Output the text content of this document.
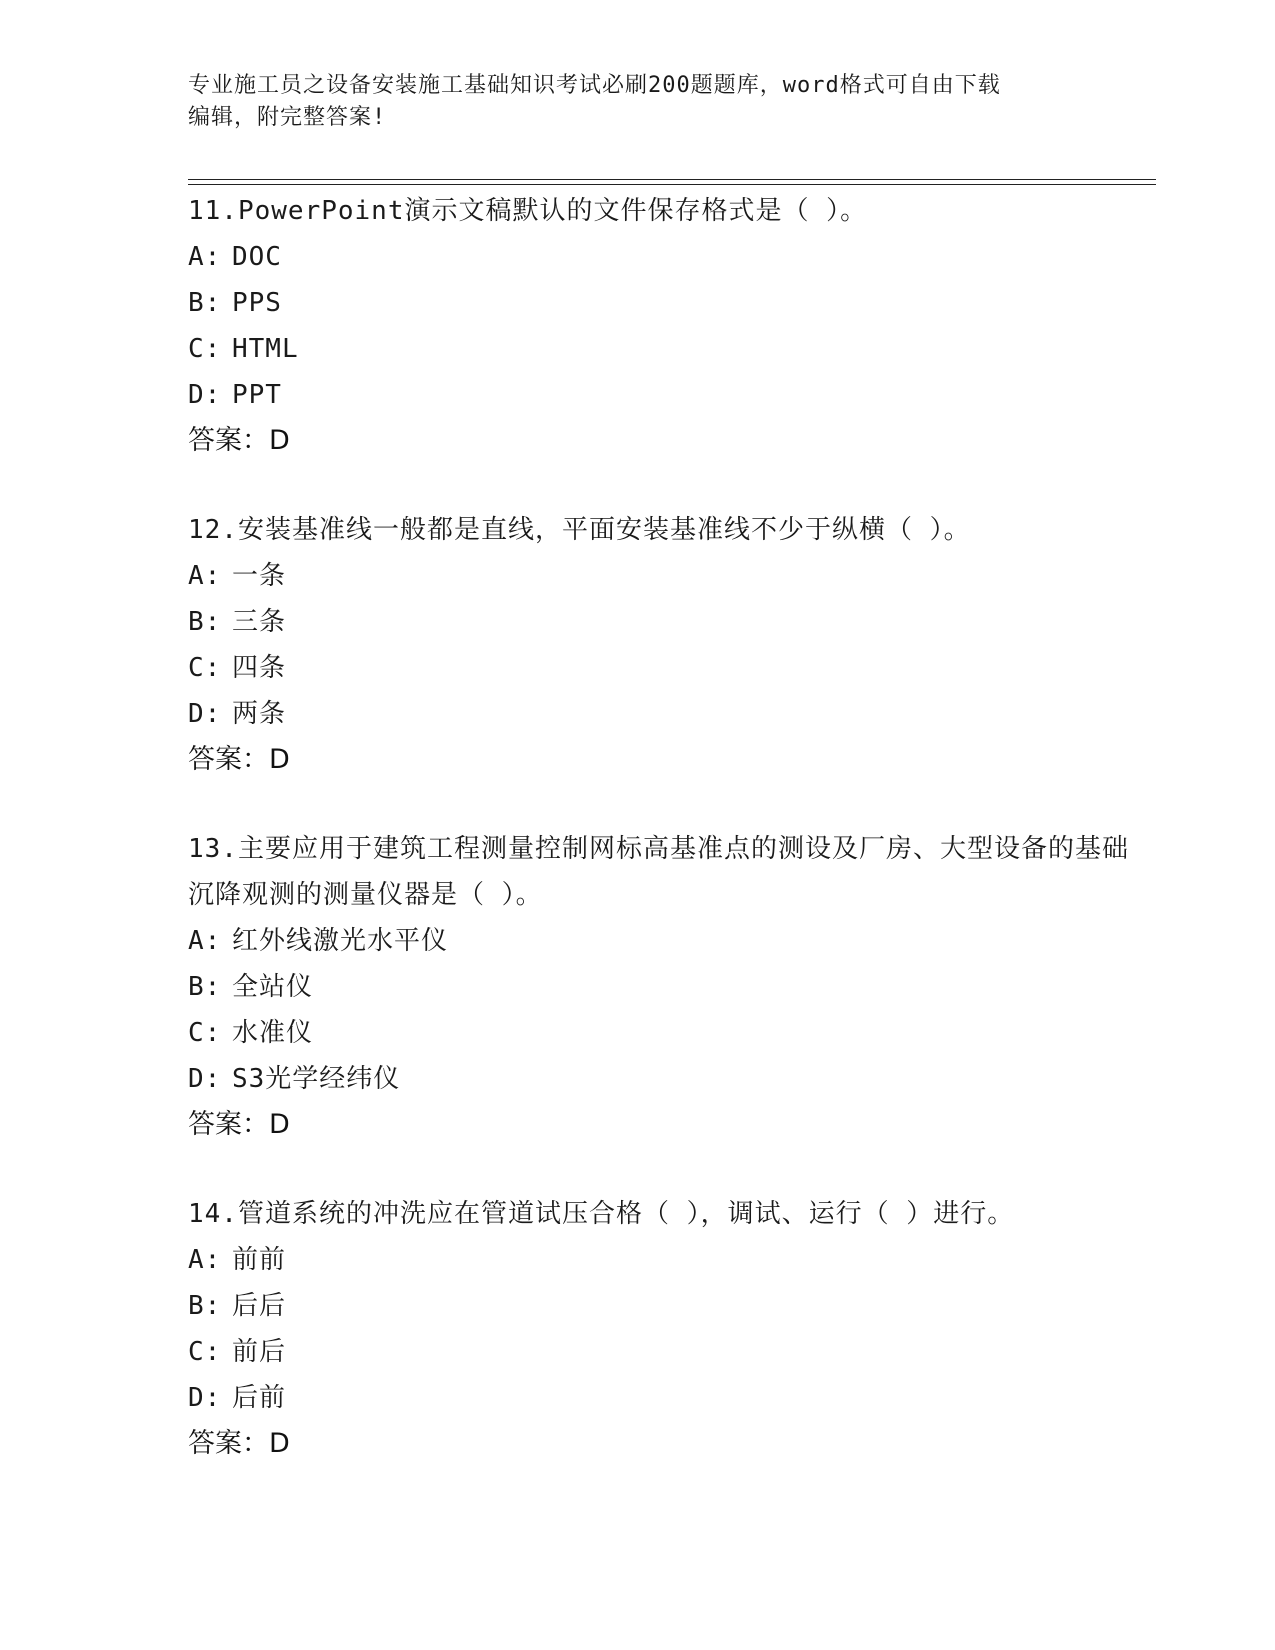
专业施工员之设备安装施工基础知识考试必刷200题题库，word格式可自由下载
编辑，附完整答案!

11.PowerPoint演示文稿默认的文件保存格式是（ ）。

A: DOC
B: PPS
C: HTML
D: PPT
答案：D

12.安装基准线一般都是直线，平面安装基准线不少于纵横（ ）。

A: 一条
B: 三条
C: 四条
D: 两条
答案：D

13.主要应用于建筑工程测量控制网标高基准点的测设及厂房、大型设备的基础沉降观测的测量仪器是（ ）。

A: 红外线激光水平仪
B: 全站仪
C: 水准仪
D: S3光学经纬仪
答案：D

14.管道系统的冲洗应在管道试压合格（ ），调试、运行（ ）进行。

A: 前前
B: 后后
C: 前后
D: 后前
答案：D
